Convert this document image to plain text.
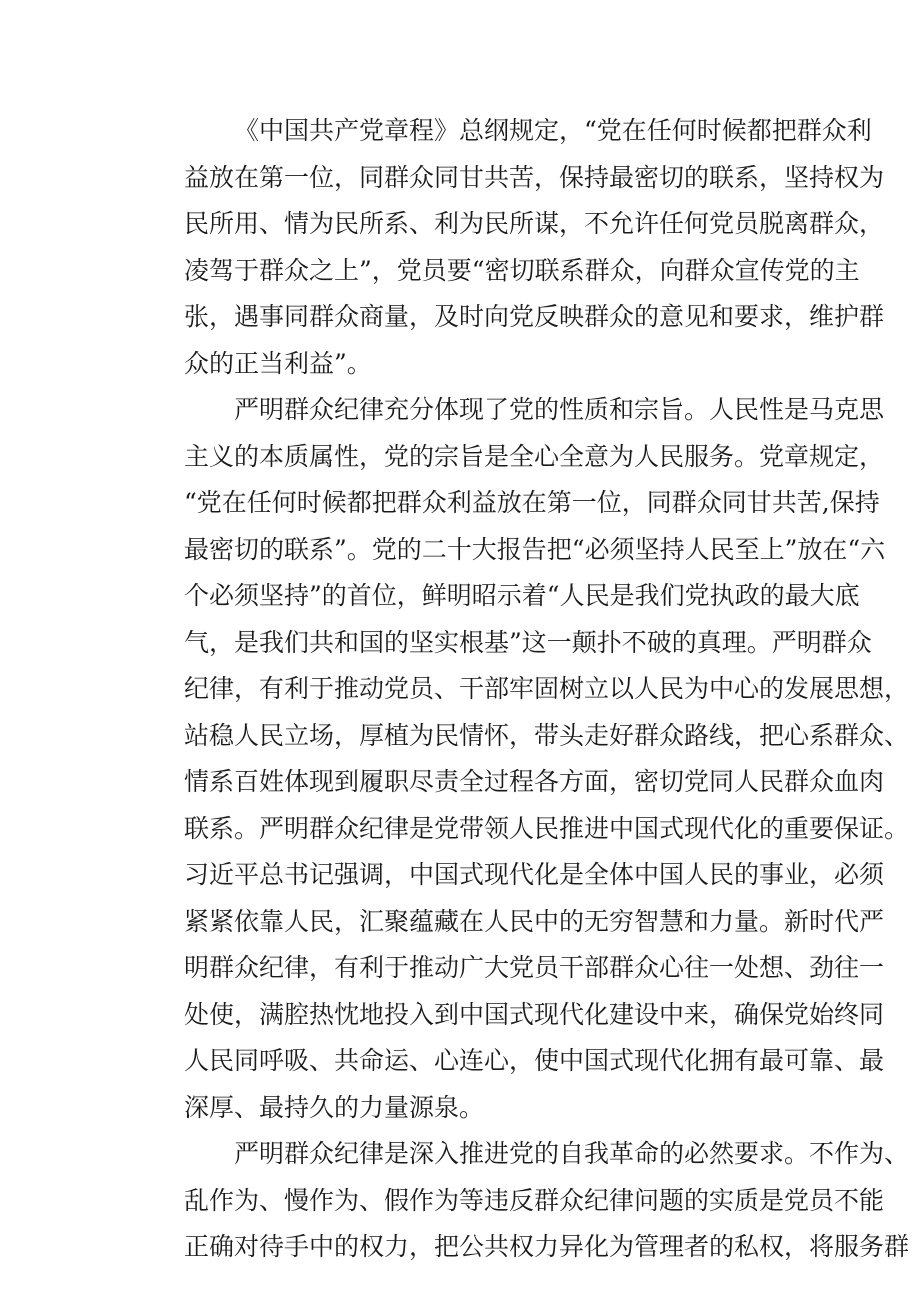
《中国共产党章程》总纲规定，“党在任何时候都把群众利
益放在第一位，同群众同甘共苦，保持最密切的联系，坚持权为
民所用、情为民所系、利为民所谋，不允许任何党员脱离群众，
凌驾于群众之上”，党员要“密切联系群众，向群众宣传党的主
张，遇事同群众商量，及时向党反映群众的意见和要求，维护群
众的正当利益”。
严明群众纪律充分体现了党的性质和宗旨。人民性是马克思
主义的本质属性，党的宗旨是全心全意为人民服务。党章规定，
“党在任何时候都把群众利益放在第一位，同群众同甘共苦,保持
最密切的联系”。党的二十大报告把“必须坚持人民至上”放在“六
个必须坚持”的首位，鲜明昭示着“人民是我们党执政的最大底
气，是我们共和国的坚实根基”这一颠扑不破的真理。严明群众
纪律，有利于推动党员、干部牢固树立以人民为中心的发展思想，
站稳人民立场，厚植为民情怀，带头走好群众路线，把心系群众、
情系百姓体现到履职尽责全过程各方面，密切党同人民群众血肉
联系。严明群众纪律是党带领人民推进中国式现代化的重要保证。
习近平总书记强调，中国式现代化是全体中国人民的事业，必须
紧紧依靠人民，汇聚蕴藏在人民中的无穷智慧和力量。新时代严
明群众纪律，有利于推动广大党员干部群众心往一处想、劲往一
处使，满腔热忱地投入到中国式现代化建设中来，确保党始终同
人民同呼吸、共命运、心连心，使中国式现代化拥有最可靠、最
深厚、最持久的力量源泉。
严明群众纪律是深入推进党的自我革命的必然要求。不作为、
乱作为、慢作为、假作为等违反群众纪律问题的实质是党员不能
正确对待手中的权力，把公共权力异化为管理者的私权，将服务群
